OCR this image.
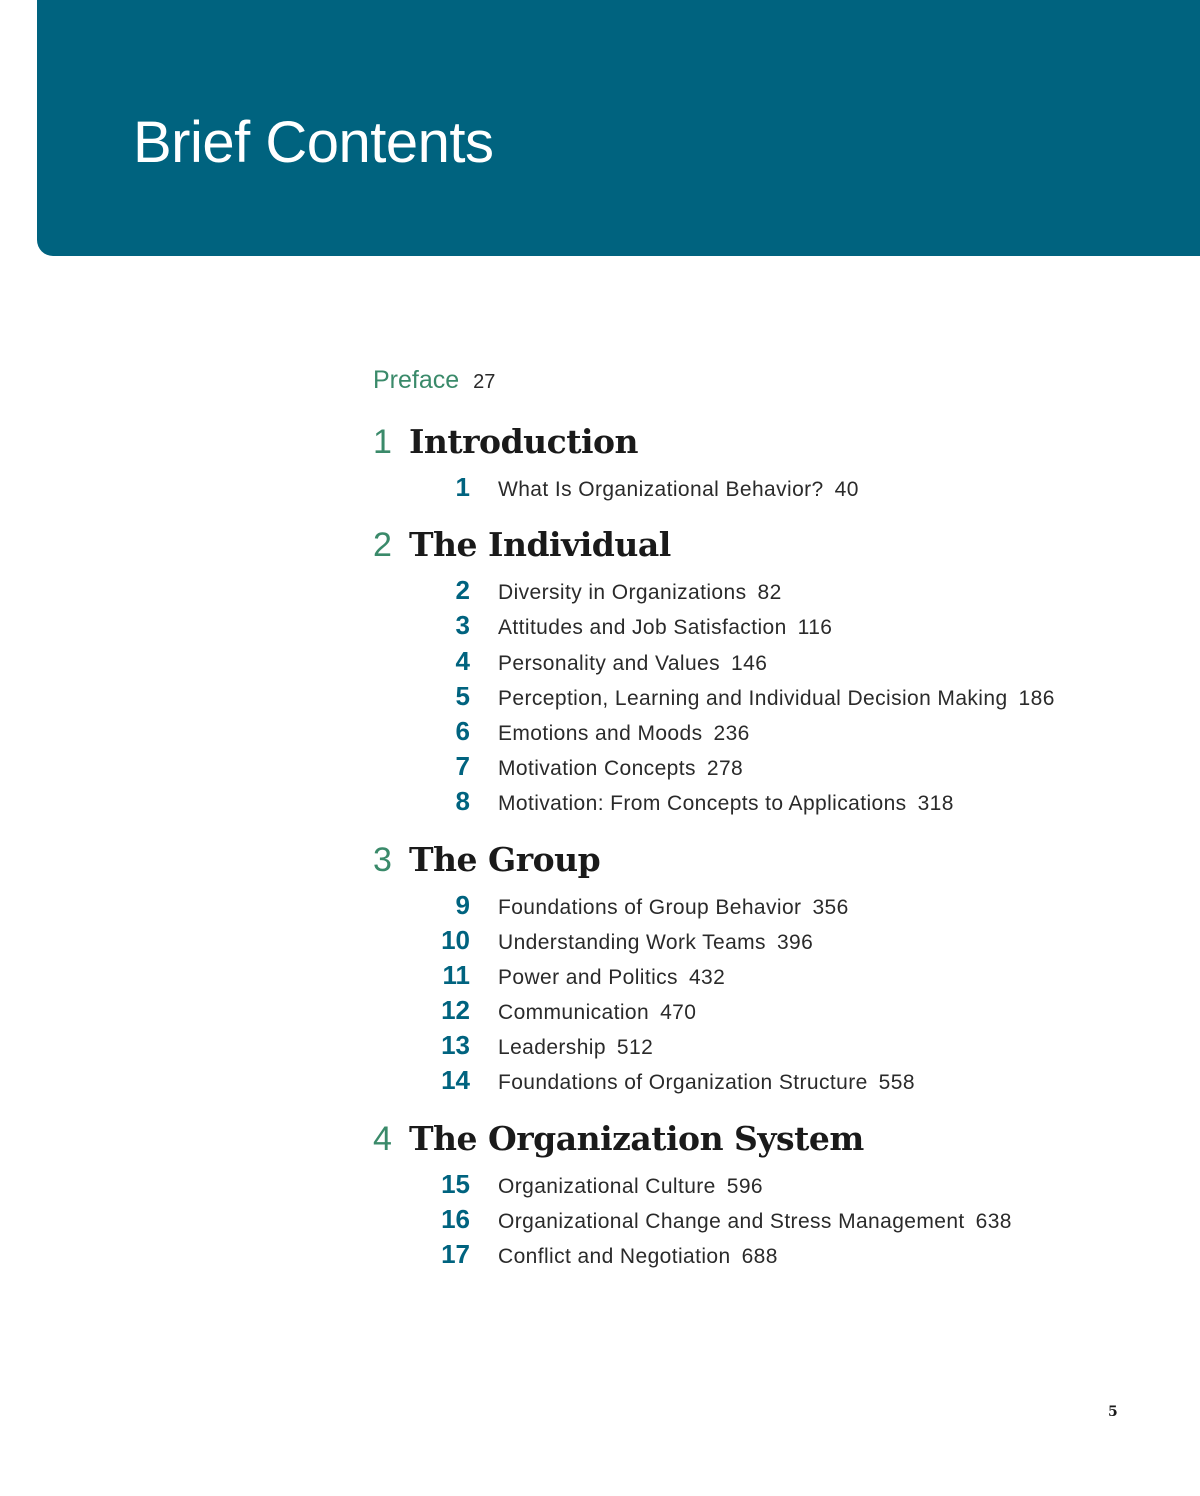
Brief Contents
Preface 27
1 Introduction
1 What Is Organizational Behavior? 40
2 The Individual
2 Diversity in Organizations 82
3 Attitudes and Job Satisfaction 116
4 Personality and Values 146
5 Perception, Learning and Individual Decision Making 186
6 Emotions and Moods 236
7 Motivation Concepts 278
8 Motivation: From Concepts to Applications 318
3 The Group
9 Foundations of Group Behavior 356
10 Understanding Work Teams 396
11 Power and Politics 432
12 Communication 470
13 Leadership 512
14 Foundations of Organization Structure 558
4 The Organization System
15 Organizational Culture 596
16 Organizational Change and Stress Management 638
17 Conflict and Negotiation 688
5
